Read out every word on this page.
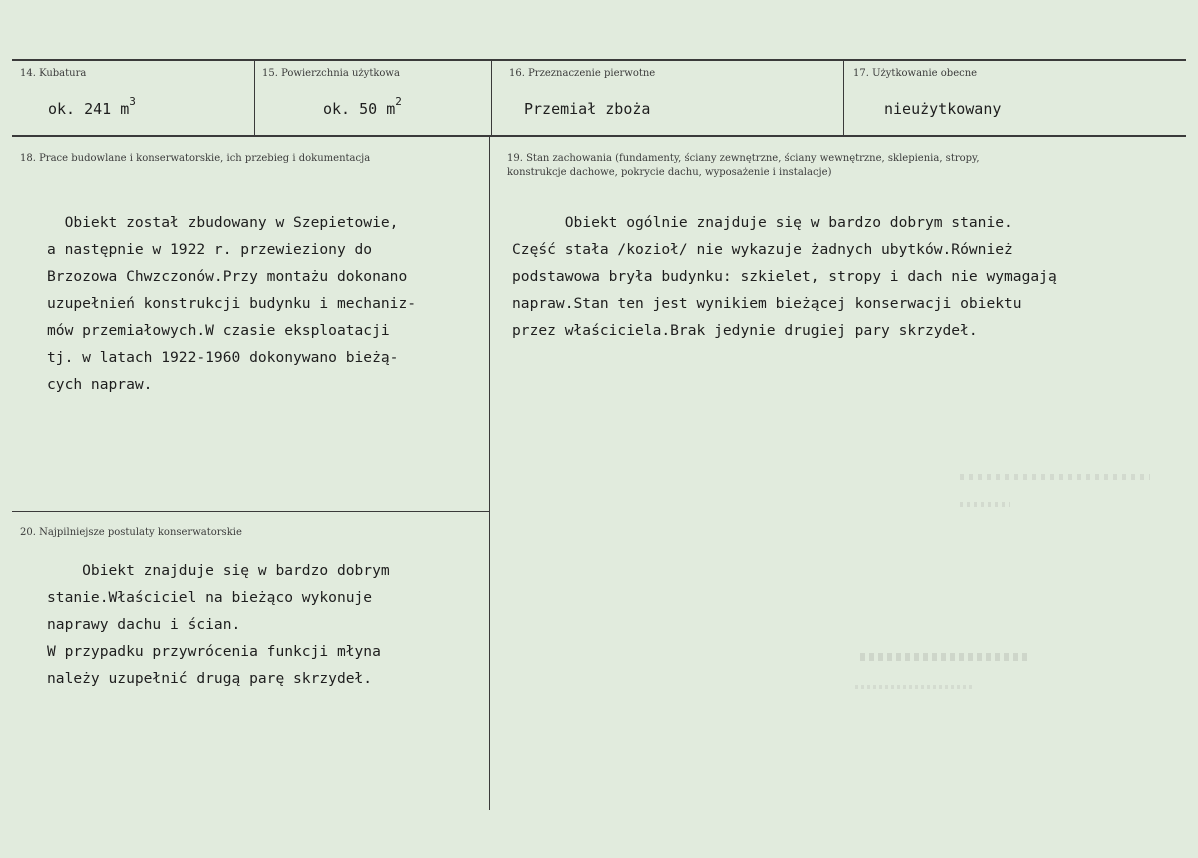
14. Kubatura
ok. 241 $m^3$
15. Powierzchnia użytkowa
ok. 50 $m^2$
16. Przeznaczenie pierwotne
Przemiał zboża
17. Użytkowanie obecne
nieużytkowany
18. Prace budowlane i konserwatorskie, ich przebieg i dokumentacja
Obiekt został zbudowany w Szepietowie,
a następnie w 1922 r. przewieziony do
Brzozowa Chwzczonów.Przy montażu dokonano
uzupełnień konstrukcji budynku i mechaniz-
mów przemiałowych.W czasie eksploatacji
tj. w latach 1922-1960 dokonywano bieżą-
cych napraw.
19. Stan zachowania (fundamenty, ściany zewnętrzne, ściany wewnętrzne, sklepienia, stropy,
konstrukcje dachowe, pokrycie dachu, wyposażenie i instalacje)
Obiekt ogólnie znajduje się w bardzo dobrym stanie.
Część stała /kozioł/ nie wykazuje żadnych ubytków.Również
podstawowa bryła budynku: szkielet, stropy i dach nie wymagają
napraw.Stan ten jest wynikiem bieżącej konserwacji obiektu
przez właściciela.Brak jedynie drugiej pary skrzydeł.
20. Najpilniejsze postulaty konserwatorskie
Obiekt znajduje się w bardzo dobrym
stanie.Właściciel na bieżąco wykonuje
naprawy dachu i ścian.
W przypadku przywrócenia funkcji młyna
należy uzupełnić drugą parę skrzydeł.
